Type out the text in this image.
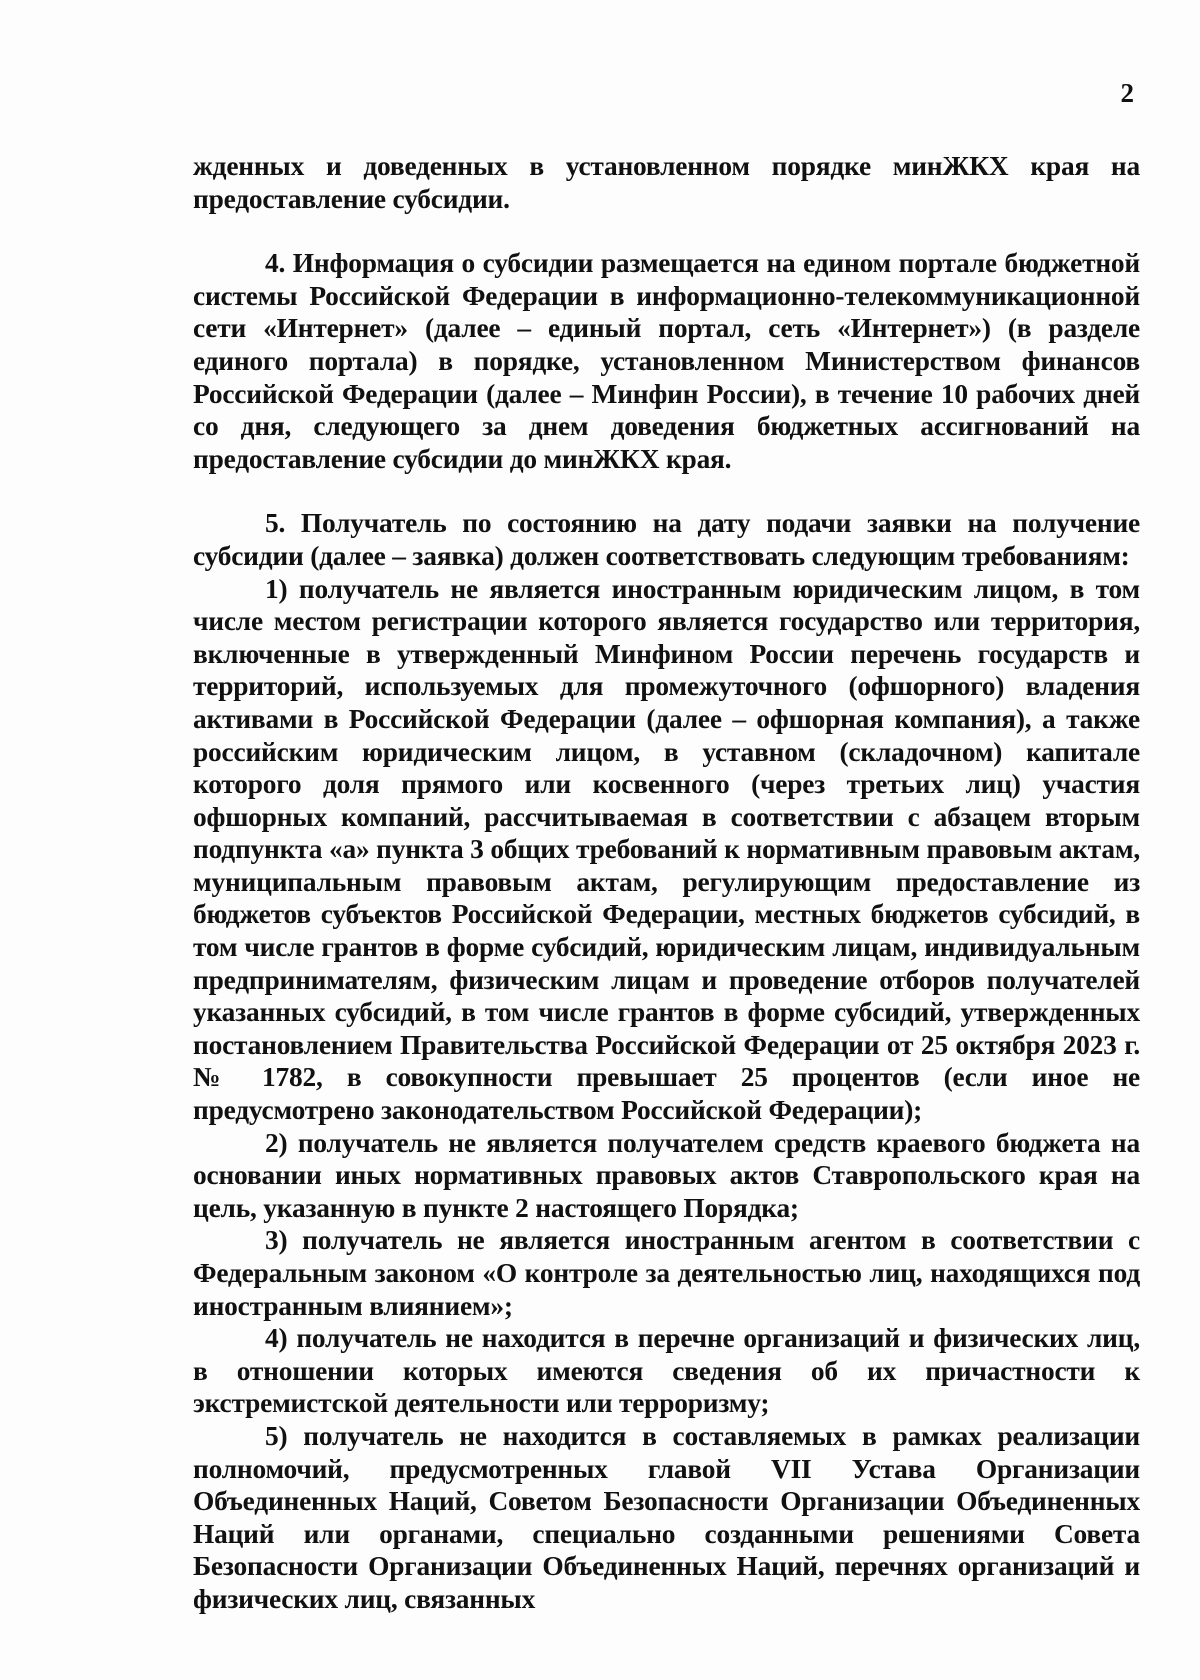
2

жденных и доведенных в установленном порядке минЖКХ края на предоставление субсидии.

4. Информация о субсидии размещается на едином портале бюджетной системы Российской Федерации в информационно-телекоммуникационной сети «Интернет» (далее – единый портал, сеть «Интернет») (в разделе единого портала) в порядке, установленном Министерством финансов Российской Федерации (далее – Минфин России), в течение 10 рабочих дней со дня, следующего за днем доведения бюджетных ассигнований на предоставление субсидии до минЖКХ края.

5. Получатель по состоянию на дату подачи заявки на получение субсидии (далее – заявка) должен соответствовать следующим требованиям:

1) получатель не является иностранным юридическим лицом, в том числе местом регистрации которого является государство или территория, включенные в утвержденный Минфином России перечень государств и территорий, используемых для промежуточного (офшорного) владения активами в Российской Федерации (далее – офшорная компания), а также российским юридическим лицом, в уставном (складочном) капитале которого доля прямого или косвенного (через третьих лиц) участия офшорных компаний, рассчитываемая в соответствии с абзацем вторым подпункта «а» пункта 3 общих требований к нормативным правовым актам, муниципальным правовым актам, регулирующим предоставление из бюджетов субъектов Российской Федерации, местных бюджетов субсидий, в том числе грантов в форме субсидий, юридическим лицам, индивидуальным предпринимателям, физическим лицам и проведение отборов получателей указанных субсидий, в том числе грантов в форме субсидий, утвержденных постановлением Правительства Российской Федерации от 25 октября 2023 г. № 1782, в совокупности превышает 25 процентов (если иное не предусмотрено законодательством Российской Федерации);

2) получатель не является получателем средств краевого бюджета на основании иных нормативных правовых актов Ставропольского края на цель, указанную в пункте 2 настоящего Порядка;

3) получатель не является иностранным агентом в соответствии с Федеральным законом «О контроле за деятельностью лиц, находящихся под иностранным влиянием»;

4) получатель не находится в перечне организаций и физических лиц, в отношении которых имеются сведения об их причастности к экстремистской деятельности или терроризму;

5) получатель не находится в составляемых в рамках реализации полномочий, предусмотренных главой VII Устава Организации Объединенных Наций, Советом Безопасности Организации Объединенных Наций или органами, специально созданными решениями Совета Безопасности Организации Объединенных Наций, перечнях организаций и физических лиц, связанных
